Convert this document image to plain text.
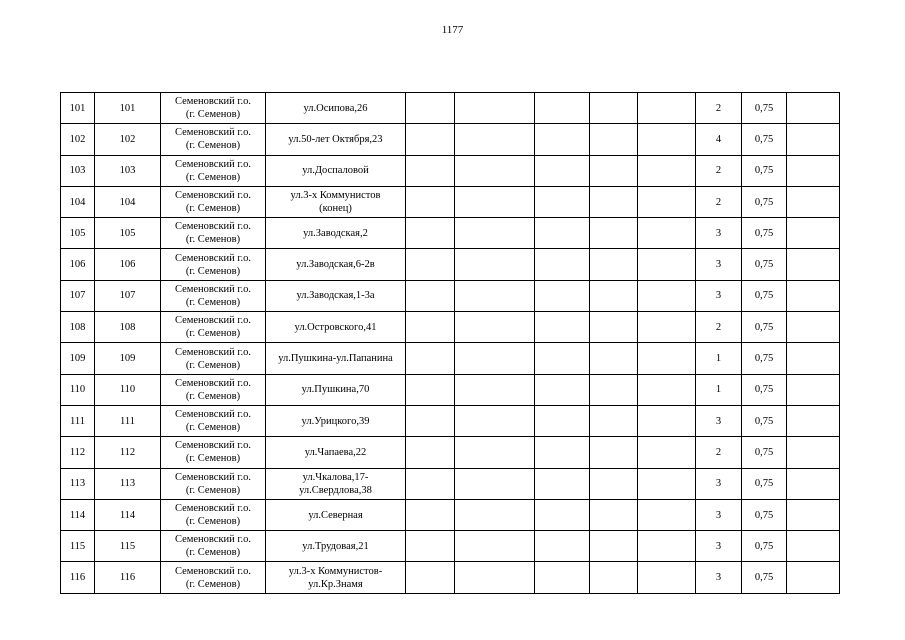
1177
101	101	Семеновский г.о.
(г. Семенов)	ул.Осипова,26						2	0,75	
102	102	Семеновский г.о.
(г. Семенов)	ул.50-лет Октября,23						4	0,75	
103	103	Семеновский г.о.
(г. Семенов)	ул.Доспаловой						2	0,75	
104	104	Семеновский г.о.
(г. Семенов)	ул.3-х Коммунистов
(конец)						2	0,75	
105	105	Семеновский г.о.
(г. Семенов)	ул.Заводская,2						3	0,75	
106	106	Семеновский г.о.
(г. Семенов)	ул.Заводская,6-2в						3	0,75	
107	107	Семеновский г.о.
(г. Семенов)	ул.Заводская,1-3а						3	0,75	
108	108	Семеновский г.о.
(г. Семенов)	ул.Островского,41						2	0,75	
109	109	Семеновский г.о.
(г. Семенов)	ул.Пушкина-ул.Папанина						1	0,75	
110	110	Семеновский г.о.
(г. Семенов)	ул.Пушкина,70						1	0,75	
111	111	Семеновский г.о.
(г. Семенов)	ул.Урицкого,39						3	0,75	
112	112	Семеновский г.о.
(г. Семенов)	ул.Чапаева,22						2	0,75	
113	113	Семеновский г.о.
(г. Семенов)	ул.Чкалова,17-
ул.Свердлова,38						3	0,75	
114	114	Семеновский г.о.
(г. Семенов)	ул.Северная						3	0,75	
115	115	Семеновский г.о.
(г. Семенов)	ул.Трудовая,21						3	0,75	
116	116	Семеновский г.о.
(г. Семенов)	ул.3-х Коммунистов-
ул.Кр.Знамя						3	0,75	
